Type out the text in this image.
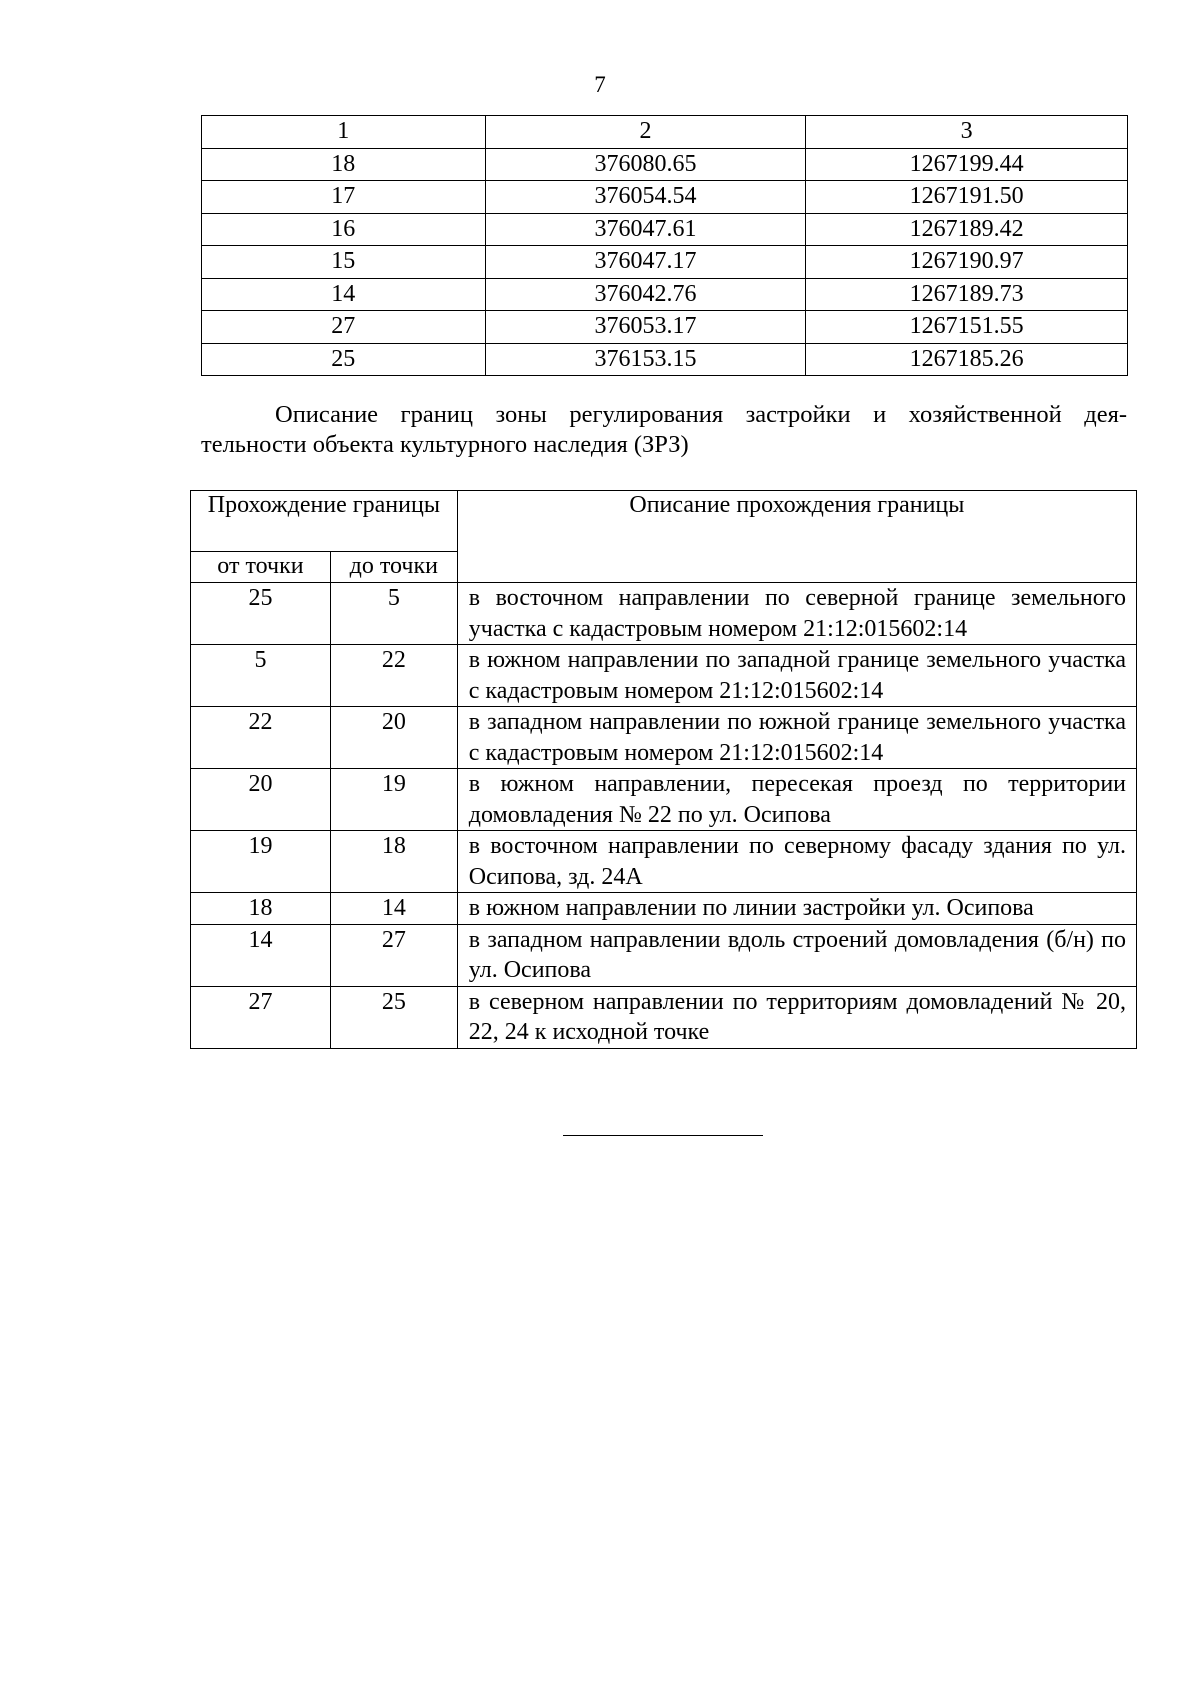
7
1	2	3
18	376080.65	1267199.44
17	376054.54	1267191.50
16	376047.61	1267189.42
15	376047.17	1267190.97
14	376042.76	1267189.73
27	376053.17	1267151.55
25	376153.15	1267185.26
Описание границ зоны регулирования застройки и хозяйственной дея-
тельности объекта культурного наследия (ЗРЗ)
Прохождение границы		Описание прохождения границы
от точки	до точки	
25	5	в восточном направлении по северной границе земельного участка с кадастровым номером 21:12:015602:14
5	22	в южном направлении по западной границе земельного участка с кадастровым номером 21:12:015602:14
22	20	в западном направлении по южной границе земельного участка с кадастровым номером 21:12:015602:14
20	19	в южном направлении, пересекая проезд по территории домовладения № 22 по ул. Осипова
19	18	в восточном направлении по северному фасаду здания по ул. Осипова, зд. 24А
18	14	в южном направлении по линии застройки ул. Осипова
14	27	в западном направлении вдоль строений домовладения (б/н) по ул. Осипова
27	25	в северном направлении по территориям домовладений № 20, 22, 24 к исходной точке
